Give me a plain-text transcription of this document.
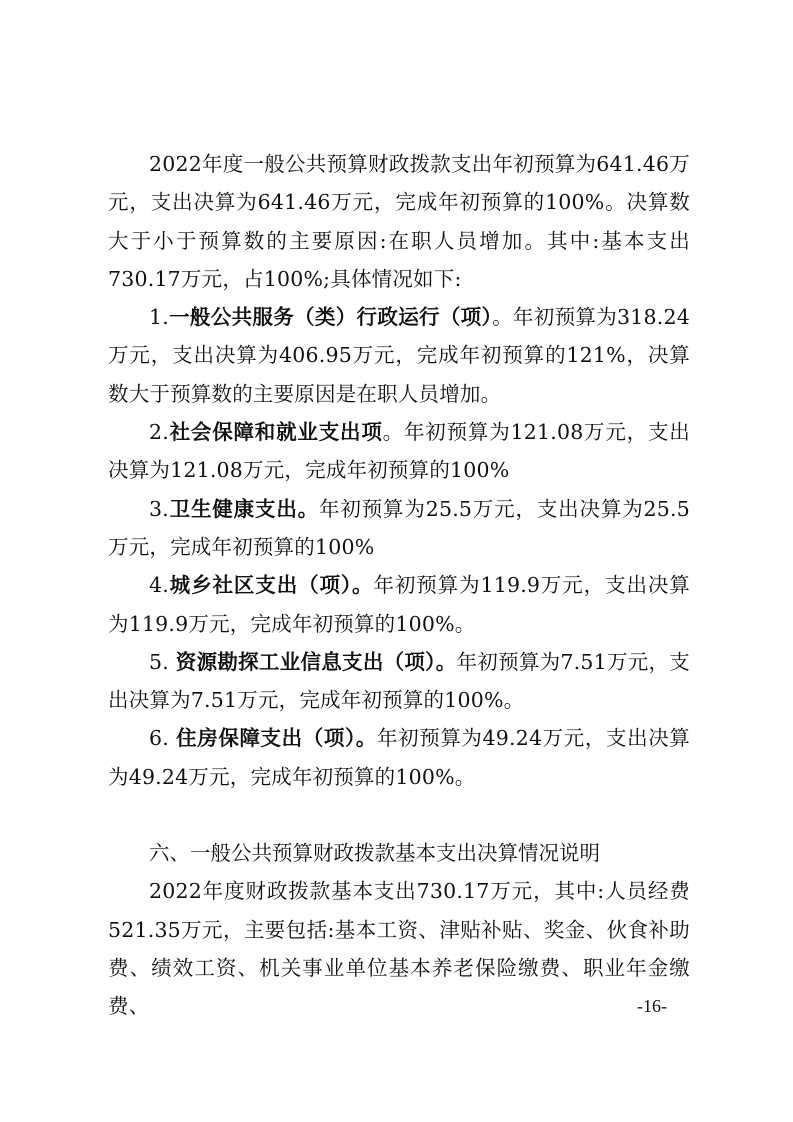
2022年度一般公共预算财政拨款支出年初预算为641.46万元，支出决算为641.46万元，完成年初预算的100%。决算数大于小于预算数的主要原因:在职人员增加。其中:基本支出730.17万元，占100%;具体情况如下:

1.一般公共服务（类）行政运行（项）。年初预算为318.24万元，支出决算为406.95万元，完成年初预算的121%，决算数大于预算数的主要原因是在职人员增加。

2.社会保障和就业支出项。年初预算为121.08万元，支出决算为121.08万元，完成年初预算的100%

3.卫生健康支出。年初预算为25.5万元，支出决算为25.5万元，完成年初预算的100%

4.城乡社区支出（项）。年初预算为119.9万元，支出决算为119.9万元，完成年初预算的100%。

5. 资源勘探工业信息支出（项）。年初预算为7.51万元，支出决算为7.51万元，完成年初预算的100%。

6. 住房保障支出（项）。年初预算为49.24万元，支出决算为49.24万元，完成年初预算的100%。

六、一般公共预算财政拨款基本支出决算情况说明

2022年度财政拨款基本支出730.17万元，其中:人员经费521.35万元，主要包括:基本工资、津贴补贴、奖金、伙食补助费、绩效工资、机关事业单位基本养老保险缴费、职业年金缴费、	-16-
